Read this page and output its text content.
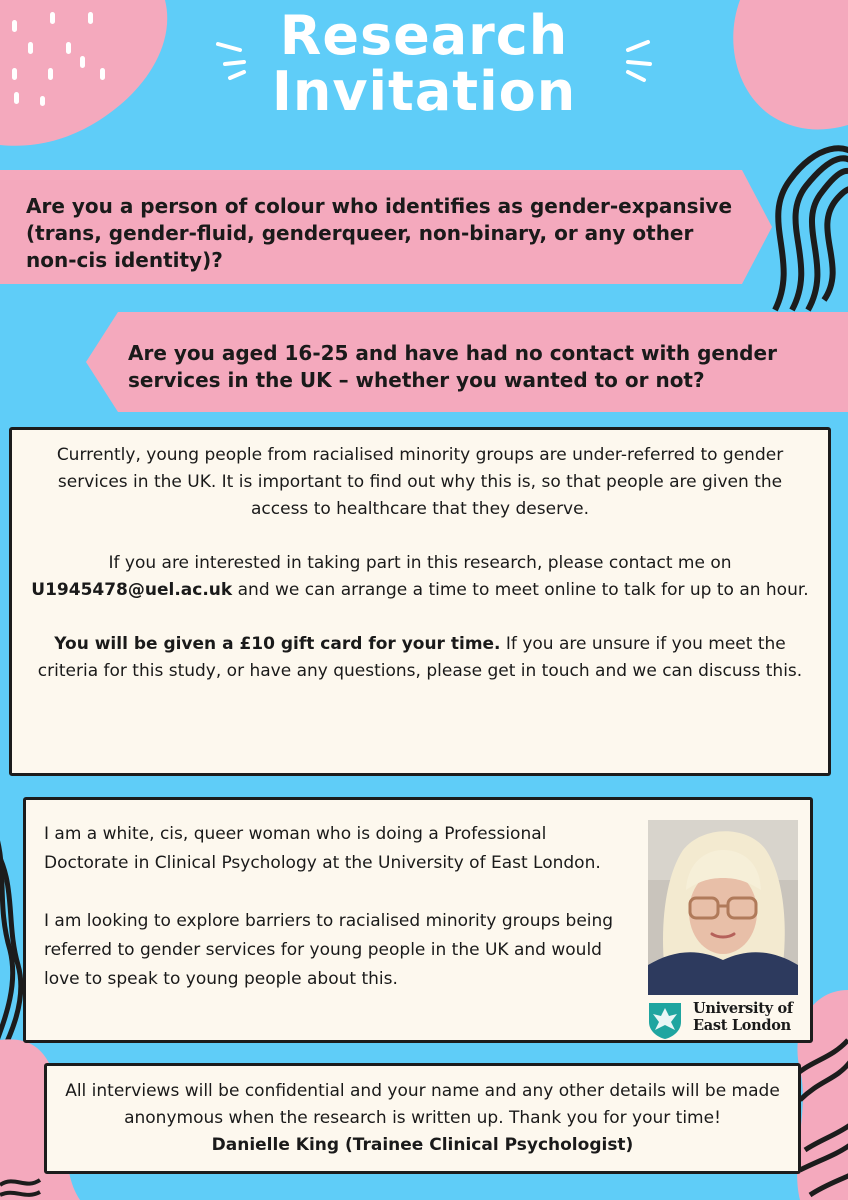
Research
Invitation
Are you a person of colour who identifies as gender-expansive (trans, gender-fluid, genderqueer, non-binary, or any other non-cis identity)?
Are you aged 16-25 and have had no contact with gender services in the UK – whether you wanted to or not?

Currently, young people from racialised minority groups are under-referred to gender services in the UK. It is important to find out why this is, so that people are given the access to healthcare that they deserve.

If you are interested in taking part in this research, please contact me on U1945478@uel.ac.uk and we can arrange a time to meet online to talk for up to an hour.

You will be given a £10 gift card for your time. If you are unsure if you meet the criteria for this study, or have any questions, please get in touch and we can discuss this.

I am a white, cis, queer woman who is doing a Professional Doctorate in Clinical Psychology at the University of East London.

I am looking to explore barriers to racialised minority groups being referred to gender services for young people in the UK and would love to speak to young people about this.

University of
East London

All interviews will be confidential and your name and any other details will be made anonymous when the research is written up. Thank you for your time!

Danielle King (Trainee Clinical Psychologist)
